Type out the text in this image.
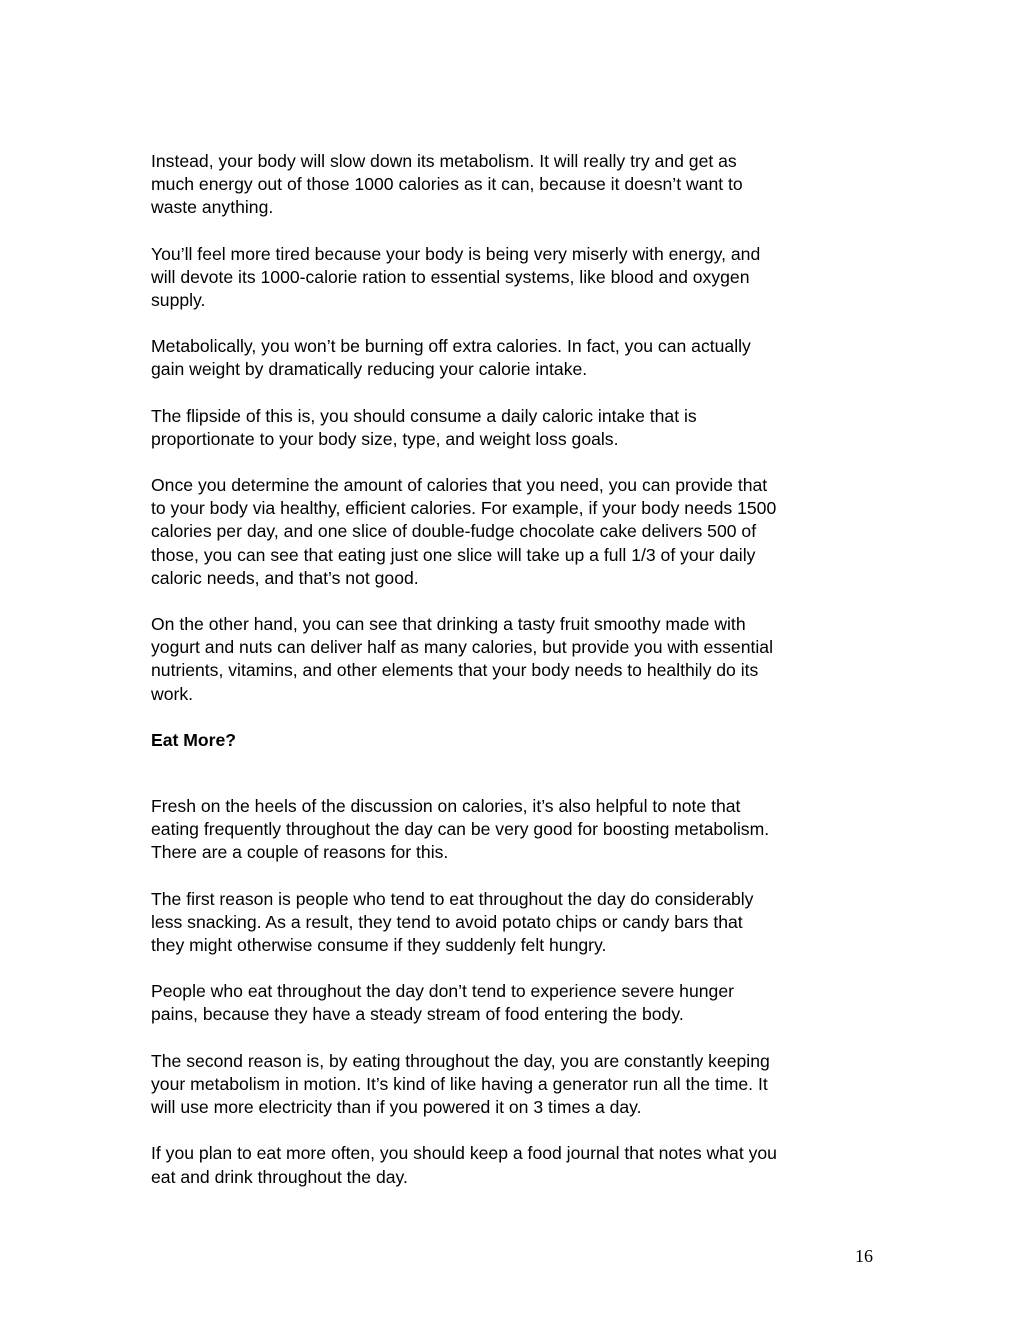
Instead, your body will slow down its metabolism. It will really try and get as
much energy out of those 1000 calories as it can, because it doesn’t want to
waste anything.

You’ll feel more tired because your body is being very miserly with energy, and
will devote its 1000-calorie ration to essential systems, like blood and oxygen
supply.

Metabolically, you won’t be burning off extra calories. In fact, you can actually
gain weight by dramatically reducing your calorie intake.

The flipside of this is, you should consume a daily caloric intake that is
proportionate to your body size, type, and weight loss goals.

Once you determine the amount of calories that you need, you can provide that
to your body via healthy, efficient calories. For example, if your body needs 1500
calories per day, and one slice of double-fudge chocolate cake delivers 500 of
those, you can see that eating just one slice will take up a full 1/3 of your daily
caloric needs, and that’s not good.

On the other hand, you can see that drinking a tasty fruit smoothy made with
yogurt and nuts can deliver half as many calories, but provide you with essential
nutrients, vitamins, and other elements that your body needs to healthily do its
work.

Eat More?

Fresh on the heels of the discussion on calories, it’s also helpful to note that
eating frequently throughout the day can be very good for boosting metabolism.
There are a couple of reasons for this.

The first reason is people who tend to eat throughout the day do considerably
less snacking. As a result, they tend to avoid potato chips or candy bars that
they might otherwise consume if they suddenly felt hungry.

People who eat throughout the day don’t tend to experience severe hunger
pains, because they have a steady stream of food entering the body.

The second reason is, by eating throughout the day, you are constantly keeping
your metabolism in motion. It’s kind of like having a generator run all the time. It
will use more electricity than if you powered it on 3 times a day.

If you plan to eat more often, you should keep a food journal that notes what you
eat and drink throughout the day.

16
